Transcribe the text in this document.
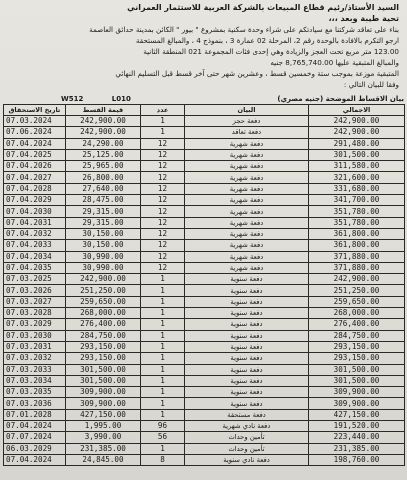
السيد الأستاذ/رئيم قطاع المبيعات بالشركة العربية للاستثمار العمراني
تحية طيبة وبعد ،،،
بناء على تعاقد شركتنا مع سيادتكم على شراء وحدة سكنية بمشروع " بيور " الكائن بمدينة حدائق العاصمة
ارجو التكرم بالافادة بالوحدة رقم 2، المرحلة 02 عمارة 3 ، بنموذج 4 ، والمبالغ المستحقة
123.00 متر مربع تحت العجز والزيادة وهي إحدى فئات المجموعة 021 المنطقة الثانية
والمبالغ المتبقية عليها 8,765,740.00 جنيه
المتبقية موزعة بموجب ستة وخمسين قسط ، وعشرين شهر حتى آخر قسط قبل التسليم النهائي
وفقا للبيان التالي :
بيان الاقساط الموضحة (جنيه مصري)
W512	L010
تاريخ الاستحقاق	قيمة القسط	عدد	البيان	الاجمالي
07.03.2024	242,900.00	1	دفعة حجز	242,900.00
07.06.2024	242,900.00	1	دفعة تعاقد	242,900.00
07.04.2024	24,290.00	12	دفعة شهرية	291,480.00
07.04.2025	25,125.00	12	دفعة شهرية	301,500.00
07.04.2026	25,965.00	12	دفعة شهرية	311,580.00
07.04.2027	26,800.00	12	دفعة شهرية	321,600.00
07.04.2028	27,640.00	12	دفعة شهرية	331,680.00
07.04.2029	28,475.00	12	دفعة شهرية	341,700.00
07.04.2030	29,315.00	12	دفعة شهرية	351,780.00
07.04.2031	29,315.00	12	دفعة شهرية	351,780.00
07.04.2032	30,150.00	12	دفعة شهرية	361,800.00
07.04.2033	30,150.00	12	دفعة شهرية	361,800.00
07.04.2034	30,990.00	12	دفعة شهرية	371,880.00
07.04.2035	30,990.00	12	دفعة شهرية	371,880.00
07.03.2025	242,900.00	1	دفعة سنوية	242,900.00
07.03.2026	251,250.00	1	دفعة سنوية	251,250.00
07.03.2027	259,650.00	1	دفعة سنوية	259,650.00
07.03.2028	268,000.00	1	دفعة سنوية	268,000.00
07.03.2029	276,400.00	1	دفعة سنوية	276,400.00
07.03.2030	284,750.00	1	دفعة سنوية	284,750.00
07.03.2031	293,150.00	1	دفعة سنوية	293,150.00
07.03.2032	293,150.00	1	دفعة سنوية	293,150.00
07.03.2033	301,500.00	1	دفعة سنوية	301,500.00
07.03.2034	301,500.00	1	دفعة سنوية	301,500.00
07.03.2035	309,900.00	1	دفعة سنوية	309,900.00
07.03.2036	309,900.00	1	دفعة سنوية	309,900.00
07.01.2028	427,150.00	1	دفعة مستحقة	427,150.00
07.04.2024	1,995.00	96	دفعة نادي شهرية	191,520.00
07.07.2024	3,990.00	56	تأمين وحدات	223,440.00
06.03.2029	231,385.00	1	تأمين وحدات	231,385.00
07.04.2024	24,845.00	8	دفعة نادي سنوية	198,760.00
